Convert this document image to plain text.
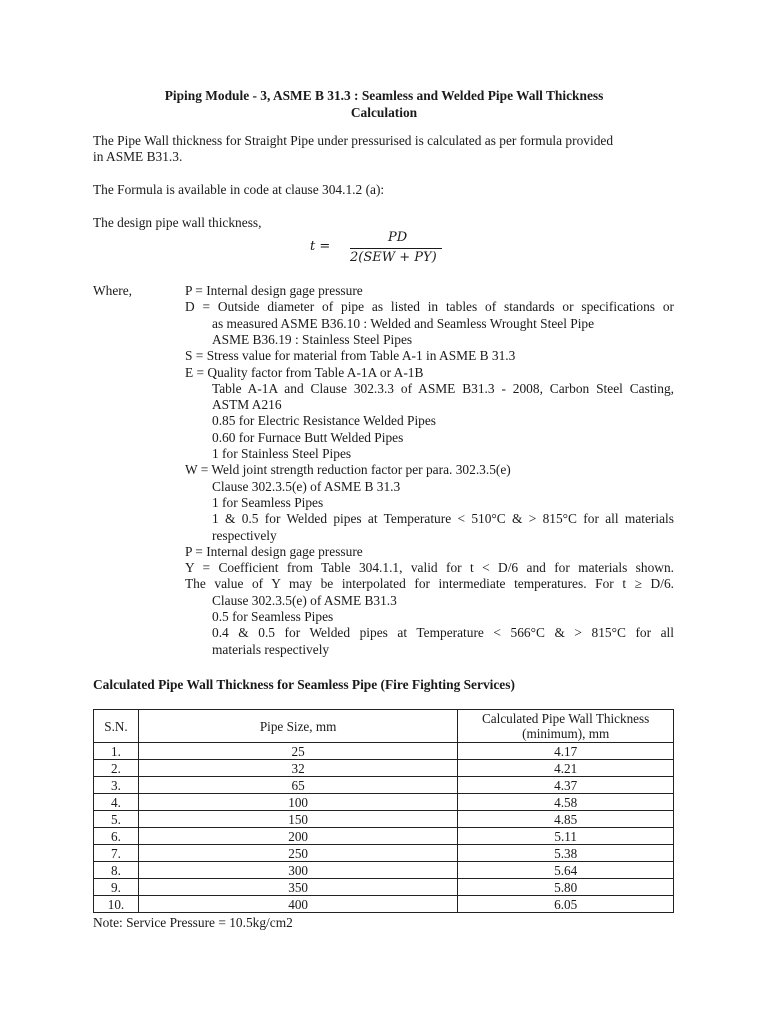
Piping Module - 3, ASME B 31.3 : Seamless and Welded Pipe Wall Thickness
Calculation
The Pipe Wall thickness for Straight Pipe under pressurised is calculated as per formula provided
in ASME B31.3.
The Formula is available in code at clause 304.1.2 (a):
The design pipe wall thickness,
t =
PD
2(SEW + PY)
Where,	P = Internal design gage pressure
D = Outside diameter of pipe as listed in tables of standards or specifications or
as measured ASME B36.10 : Welded and Seamless Wrought Steel Pipe
ASME B36.19 : Stainless Steel Pipes
S = Stress value for material from Table A-1 in ASME B 31.3
E = Quality factor from Table A-1A or A-1B
Table A-1A and Clause 302.3.3 of ASME B31.3 - 2008, Carbon Steel Casting,
ASTM A216
0.85 for Electric Resistance Welded Pipes
0.60 for Furnace Butt Welded Pipes
1 for Stainless Steel Pipes
W = Weld joint strength reduction factor per para. 302.3.5(e)
Clause 302.3.5(e) of ASME B 31.3
1 for Seamless Pipes
1 & 0.5 for Welded pipes at Temperature < 510°C & > 815°C for all materials
respectively
P = Internal design gage pressure
Y = Coefficient from Table 304.1.1, valid for t < D/6 and for materials shown.
The value of Y may be interpolated for intermediate temperatures. For t ≥ D/6.
Clause 302.3.5(e) of ASME B31.3
0.5 for Seamless Pipes
0.4 & 0.5 for Welded pipes at Temperature < 566°C & > 815°C for all
materials respectively
Calculated Pipe Wall Thickness for Seamless Pipe (Fire Fighting Services)
S.N.	Pipe Size, mm	Calculated Pipe Wall Thickness
(minimum), mm
1.	25	4.17
2.	32	4.21
3.	65	4.37
4.	100	4.58
5.	150	4.85
6.	200	5.11
7.	250	5.38
8.	300	5.64
9.	350	5.80
10.	400	6.05
Note: Service Pressure = 10.5kg/cm2
